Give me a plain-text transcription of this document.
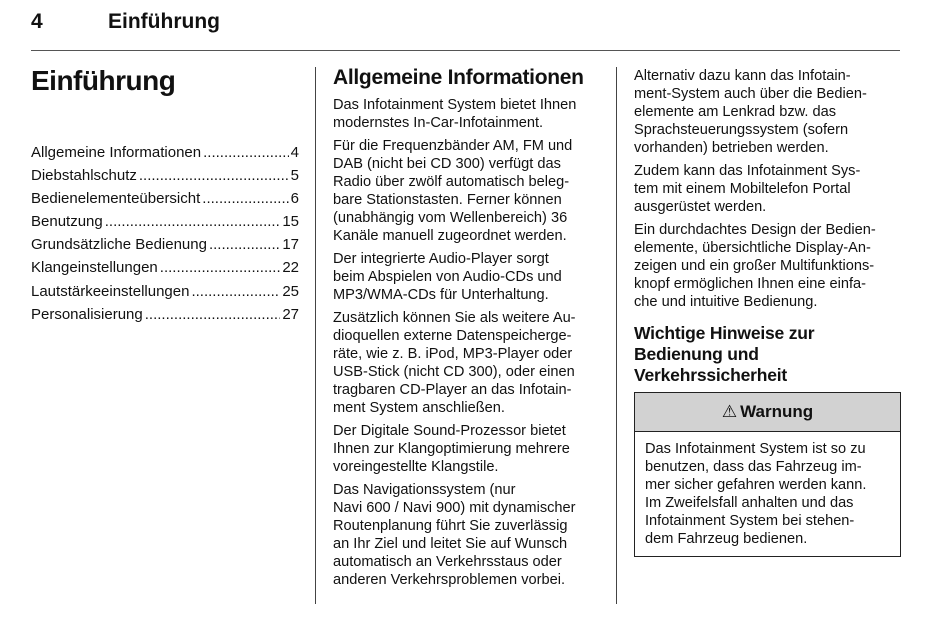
4	Einführung
Einführung
Allgemeine Informationen .....	4
Diebstahlschutz .....	5
Bedienelementeübersicht .....	6
Benutzung .....	15
Grundsätzliche Bedienung .....	17
Klangeinstellungen .....	22
Lautstärkeeinstellungen .....	25
Personalisierung .....	27
Allgemeine Informationen

Das Infotainment System bietet Ihnen
modernstes In-Car-Infotainment.

Für die Frequenzbänder AM, FM und
DAB (nicht bei CD 300) verfügt das
Radio über zwölf automatisch beleg-
bare Stationstasten. Ferner können
(unabhängig vom Wellenbereich) 36
Kanäle manuell zugeordnet werden.

Der integrierte Audio-Player sorgt
beim Abspielen von Audio-CDs und
MP3/WMA-CDs für Unterhaltung.

Zusätzlich können Sie als weitere Au-
dioquellen externe Datenspeicherge-
räte, wie z. B. iPod, MP3-Player oder
USB-Stick (nicht CD 300), oder einen
tragbaren CD-Player an das Infotain-
ment System anschließen.

Der Digitale Sound-Prozessor bietet
Ihnen zur Klangoptimierung mehrere
voreingestellte Klangstile.

Das Navigationssystem (nur
Navi 600 / Navi 900) mit dynamischer
Routenplanung führt Sie zuverlässig
an Ihr Ziel und leitet Sie auf Wunsch
automatisch an Verkehrsstaus oder
anderen Verkehrsproblemen vorbei.

Alternativ dazu kann das Infotain-
ment-System auch über die Bedien-
elemente am Lenkrad bzw. das
Sprachsteuerungssystem (sofern
vorhanden) betrieben werden.

Zudem kann das Infotainment Sys-
tem mit einem Mobiltelefon Portal
ausgerüstet werden.

Ein durchdachtes Design der Bedien-
elemente, übersichtliche Display-An-
zeigen und ein großer Multifunktions-
knopf ermöglichen Ihnen eine einfa-
che und intuitive Bedienung.

Wichtige Hinweise zur
Bedienung und
Verkehrssicherheit
⚠ Warnung
Das Infotainment System ist so zu
benutzen, dass das Fahrzeug im-
mer sicher gefahren werden kann.
Im Zweifelsfall anhalten und das
Infotainment System bei stehen-
dem Fahrzeug bedienen.
